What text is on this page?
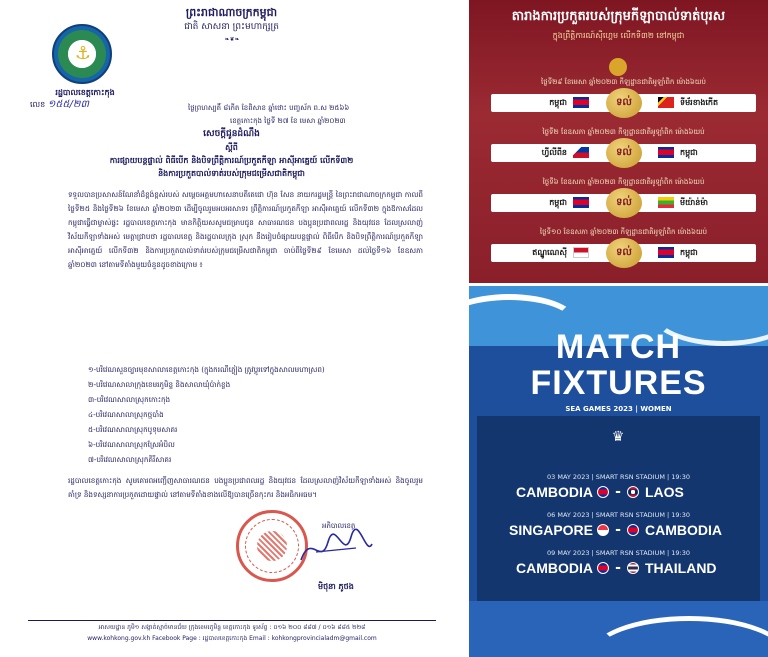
ព្រះរាជាណាចក្រកម្ពុជា
ជាតិ សាសនា ព្រះមហាក្សត្រ
❧❦❧
⚓
រដ្ឋបាលខេត្តកោះកុង
លេខ ១៥៥/២៣	ថ្ងៃព្រហស្បតិ៍ ៨កើត ខែពិសាខ ឆ្នាំថោះ បញ្ចស័ក ព.ស ២៥៦៦
ខេត្តកោះកុង ថ្ងៃទី ២៧ ខែ មេសា ឆ្នាំ២០២៣
សេចក្ដីជូនដំណឹង
ស្ដីពី
ការផ្សាយបន្តផ្ទាល់ ពិធីបើក និងបិទព្រឹត្តិការណ៍ប្រកួតកីឡា អាស៊ីអាគ្នេយ៍ លើកទី៣២
និងការប្រកួតបាល់ទាត់របស់ក្រុមជម្រើសជាតិកម្ពុជា
ទទួលបានប្រសាសន៍ណែនាំដ៏ខ្ពង់ខ្ពស់របស់ សម្ដេចអគ្គមហាសេនាបតីតេជោ ហ៊ុន សែន នាយករដ្ឋមន្ត្រី នៃព្រះរាជាណាចក្រកម្ពុជា កាលពីថ្ងៃទី២៥ និងថ្ងៃទី២៦ ខែមេសា ឆ្នាំ២០២៣ ដើម្បីចូលរួមអបអរសាទរ ព្រឹត្តិការណ៍ប្រកួតកីឡា អាស៊ីអាគ្នេយ៍ លើកទី៣២ ក្នុងឱកាសដែលកម្ពុជាធ្វើជាម្ចាស់ផ្ទះ រដ្ឋបាលខេត្តកោះកុង មានកិត្តិយសសូមជម្រាបជូន សាធារណជន បងប្អូនប្រជាពលរដ្ឋ និងយុវជន ដែលស្រលាញ់វិស័យកីឡាទាំងអស់ មេត្តាជ្រាបថា រដ្ឋបាលខេត្ត និងរដ្ឋបាលក្រុង ស្រុក នឹងរៀបចំផ្សាយបន្តផ្ទាល់ ពិធីបើក និងបិទព្រឹត្តិការណ៍ប្រកួតកីឡា អាស៊ីអាគ្នេយ៍ លើកទី៣២ និងការប្រកួតបាល់ទាត់របស់ក្រុមជម្រើសជាតិកម្ពុជា ចាប់ពីថ្ងៃទី២៩ ខែមេសា ដល់ថ្ងៃទី១៦ ខែឧសភា ឆ្នាំ២០២៣ នៅតាមទីតាំងមួយចំនួនដូចខាងក្រោម ៖
១-បរិវេណសួនច្បារមុខសាលាខេត្តកោះកុង (ក្នុងករណីភ្លៀង ត្រូវប្ដូរទៅក្នុងសាលមហាស្រព)
២-បរិវេណសាលាក្រុងខេមរភូមិន្ទ និងសាលាឃុំប៉ាក់ខ្លង
៣-បរិវេណសាលាស្រុកកោះកុង
៤-បរិវេណសាលាស្រុកថ្មបាំង
៥-បរិវេណសាលាស្រុកបូទុមសាគរ
៦-បរិវេណសាលាស្រុកស្រែអំបិល
៧-បរិវេណសាលាស្រុកគិរីសាគរ
រដ្ឋបាលខេត្តកោះកុង សូមគោរពអញ្ជើញសាធារណជន បងប្អូនប្រជាពលរដ្ឋ និងយុវជន ដែលស្រលាញ់វិស័យកីឡាទាំងអស់ និងចូលរួមគាំទ្រ និងទស្សនាការប្រកួតដោយផ្ទាល់ នៅតាមទីតាំងខាងលើឱ្យបានច្រើនកុះករ និងអធិកអធម។
អភិបាលខេត្ត
មិថុនា ភូថង
អាសយដ្ឋាន ភូមិ១ សង្កាត់ស្មាច់មានជ័យ ក្រុងខេមរភូមិន្ទ ខេត្តកោះកុង ទូរស័ព្ទ : ០១៦ ២០០ ៨៨៧ / ០១៦ ៨៨៥ ២២៨
www.kohkong.gov.kh Facebook Page : រដ្ឋបាលខេត្តកោះកុង Email : kohkongprovincialadm@gmail.com
តារាងការប្រកួតរបស់ក្រុមកីឡាបាល់ទាត់បុរស
ក្នុងព្រឹត្តិការណ៍ស៊ីហ្គេម លើកទី៣២ នៅកម្ពុជា
ថ្ងៃទី២៩ ខែមេសា ឆ្នាំ២០២៣ កីឡដ្ឋានជាតិអូឡាំពិក ម៉ោង៦យប់
កម្ពុជា	ទល់	ទីម័រខាងកើត
ថ្ងៃទី២ ខែឧសភា ឆ្នាំ២០២៣ កីឡដ្ឋានជាតិអូឡាំពិក ម៉ោង៦យប់
ហ្វីលីពីន	ទល់	កម្ពុជា
ថ្ងៃទី៦ ខែឧសភា ឆ្នាំ២០២៣ កីឡដ្ឋានជាតិអូឡាំពិក ម៉ោង៦យប់
កម្ពុជា	ទល់	មីយ៉ាន់ម៉ា
ថ្ងៃទី១០ ខែឧសភា ឆ្នាំ២០២៣ កីឡដ្ឋានជាតិអូឡាំពិក ម៉ោង៦យប់
ឥណ្ឌូណេស៊ី	ទល់	កម្ពុជា
MATCH
FIXTURES
SEA GAMES 2023 | WOMEN
♛
03 MAY 2023 | SMART RSN STADIUM | 19:30
CAMBODIA - LAOS
06 MAY 2023 | SMART RSN STADIUM | 19:30
SINGAPORE - CAMBODIA
09 MAY 2023 | SMART RSN STADIUM | 19:30
CAMBODIA - THAILAND
